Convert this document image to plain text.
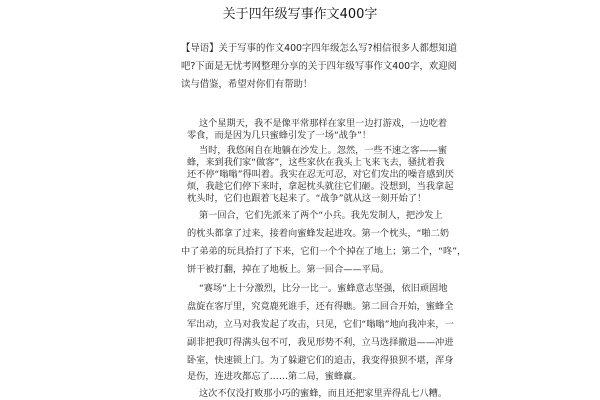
关于四年级写事作文400字
【导语】关于写事的作文400字四年级怎么写?相信很多人都想知道
吧?下面是无忧考网整理分享的关于四年级写事作文400字，欢迎阅
读与借鉴，希望对你们有帮助！
这个星期天，我不是像平常那样在家里一边打游戏，一边吃着
零食，而是因为几只蜜蜂引发了一场“战争”！
当时，我悠闲自在地躺在沙发上。忽然，一些不速之客——蜜
蜂，来到我们家“做客”，这些家伙在我头上飞来飞去，骚扰着我
还不停“嗡嗡”得叫着。我实在忍无可忍，对它们发出的噪音感到厌
烦，我趁它们停下来时，拿起枕头就往它们砸。没想到，当我拿起
枕头时，它们也跟着飞起来了。“战争”就从这一刻开始了！
第一回合，它们先派来了两个“小兵。我先发制人，把沙发上
的枕头都拿了过来，接着向蜜蜂发起进攻。第一个枕头，“啪二奶
中了弟弟的玩具拾打了下来，它们一个个掉在了地上；第二个，“咚”，
饼干被打翻，掉在了地板上。第一回合——平局。
“赛场”上十分激烈，比分一比一。蜜蜂意志坚强，依旧顽固地
盘旋在客厅里，究竟鹿死谁手，还有得瞧。第二回合开始，蜜蜂全
军出动，立马对我发起了攻击，只见，它们“嗡嗡”地向我冲来，一
副非把我叮得满头包不可，我见形势不利，立马选择撤退——冲进
卧室，快速锁上门。为了躲避它们的追击，我变得狼狈不堪，浑身
是伤，连进攻都忘了……第二局，蜜蜂赢。
这次不仅没打败那小巧的蜜蜂，而且还把家里弄得乱七八糟。
